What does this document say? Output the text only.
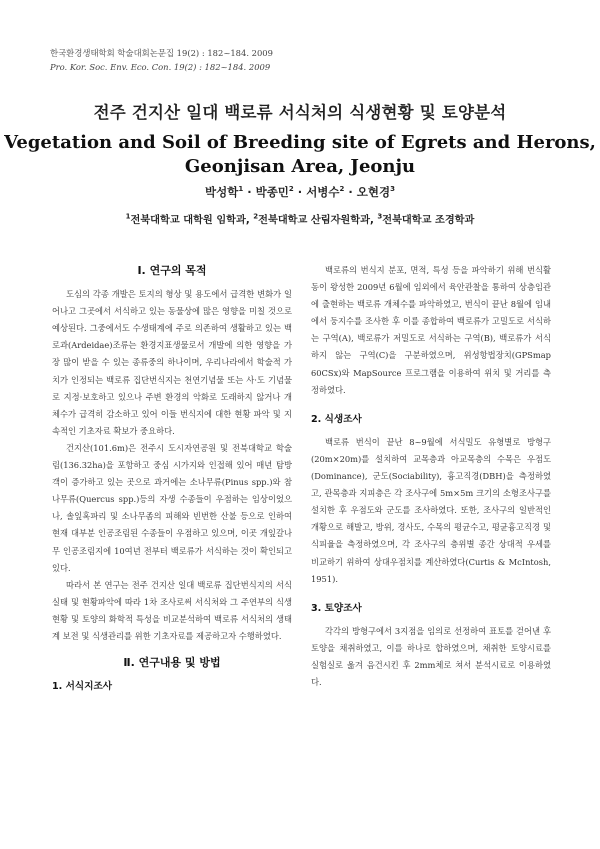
한국환경생태학회 학술대회논문집 19(2) : 182~184. 2009
Pro. Kor. Soc. Env. Eco. Con. 19(2) : 182~184. 2009
전주 건지산 일대 백로류 서식처의 식생현황 및 토양분석
Vegetation and Soil of Breeding site of Egrets and Herons,
Geonjisan Area, Jeonju
박성학$^1$ · 박종민$^2$ · 서병수$^2$ · 오현경$^3$
$^1$전북대학교 대학원 임학과, $^2$전북대학교 산림자원학과, $^3$전북대학교 조경학과
Ⅰ. 연구의 목적

도심의 각종 개발은 토지의 형상 및 용도에서 급격한 변화가 일어나고 그곳에서 서식하고 있는 동물상에 많은 영향을 미칠 것으로 예상된다. 그중에서도 수생태계에 주로 의존하여 생활하고 있는 백로과(Ardeidae)조류는 환경지표생물로서 개발에 의한 영향을 가장 많이 받을 수 있는 종류중의 하나이며, 우리나라에서 학술적 가치가 인정되는 백로류 집단번식지는 천연기념물 또는 사·도 기념물로 지정·보호하고 있으나 주변 환경의 악화로 도래하지 않거나 개체수가 급격히 감소하고 있어 이들 번식지에 대한 현황 파악 및 지속적인 기초자료 확보가 중요하다.

건지산(101.6m)은 전주시 도시자연공원 및 전북대학교 학술림(136.32ha)을 포함하고 중심 시가지와 인접해 있어 매년 탐방객이 증가하고 있는 곳으로 과거에는 소나무류(Pinus spp.)와 참나무류(Quercus spp.)등의 자생 수종들이 우점하는 임상이었으나, 솔잎혹파리 및 소나무좀의 피해와 빈번한 산불 등으로 인하여 현재 대부분 인공조림된 수종들이 우점하고 있으며, 이곳 개잎갈나무 인공조림지에 10여년 전부터 백로류가 서식하는 것이 확인되고 있다.

따라서 본 연구는 전주 건지산 일대 백로류 집단번식지의 서식실태 및 현황파악에 따라 1차 조사로써 서식처와 그 주연부의 식생현황 및 토양의 화학적 특성을 비교분석하여 백로류 서식처의 생태계 보전 및 식생관리를 위한 기초자료를 제공하고자 수행하였다.

Ⅱ. 연구내용 및 방법
1. 서식지조사

백로류의 번식지 분포, 면적, 특성 등을 파악하기 위해 번식활동이 왕성한 2009년 6월에 임외에서 육안관찰을 통하여 상층임관에 출현하는 백로류 개체수를 파악하였고, 번식이 끝난 8월에 임내에서 둥지수를 조사한 후 이를 종합하여 백로류가 고밀도로 서식하는 구역(A), 백로류가 저밀도로 서식하는 구역(B), 백로류가 서식하지 않는 구역(C)을 구분하였으며, 위성항법장치(GPSmap 60CSx)와 MapSource 프로그램을 이용하여 위치 및 거리를 측정하였다.

2. 식생조사

백로류 번식이 끝난 8~9월에 서식밀도 유형별로 방형구(20m×20m)를 설치하여 교목층과 아교목층의 수목은 우점도(Dominance), 군도(Sociability), 흉고직경(DBH)을 측정하였고, 관목층과 지피층은 각 조사구에 5m×5m 크기의 소형조사구를 설치한 후 우점도와 군도를 조사하였다. 또한, 조사구의 일반적인 개황으로 해발고, 방위, 경사도, 수목의 평균수고, 평균흉고직경 및 식피율을 측정하였으며, 각 조사구의 층위별 종간 상대적 우세를 비교하기 위하여 상대우점치를 계산하였다(Curtis & McIntosh, 1951).

3. 토양조사

각각의 방형구에서 3지점을 임의로 선정하여 표토를 걷어낸 후 토양을 채취하였고, 이를 하나로 합하였으며, 채취한 토양시료를 실험실로 옮겨 음건시킨 후 2mm체로 쳐서 분석시료로 이용하였다.
